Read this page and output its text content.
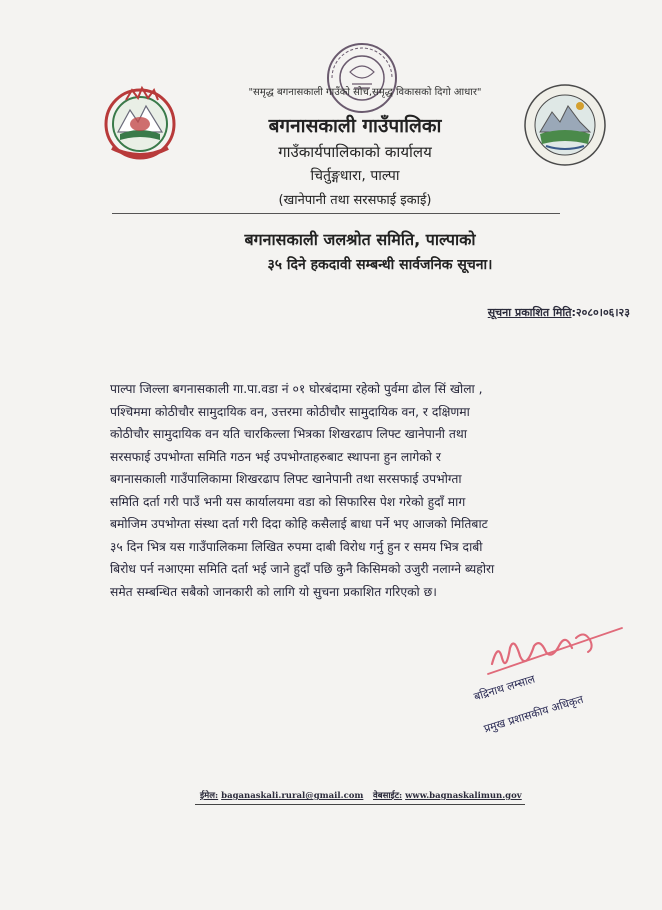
"समृद्ध बगनासकाली गाउँको सोच,समृद्ध विकासको दिगो आधार"
बगनासकाली गाउँपालिका
गाउँकार्यपालिकाको कार्यालय
चिर्तुङ्गधारा, पाल्पा
(खानेपानी तथा सरसफाई इकाई)
बगनासकाली जलश्रोत समिति, पाल्पाको
३५ दिने हकदावी सम्बन्धी सार्वजनिक सूचना।
सूचना प्रकाशित मिति:२०८०।०६।२३
पाल्पा जिल्ला बगनासकाली गा.पा.वडा नं ०१ घोरबंदामा रहेको पुर्वमा ढोल सिं खोला ,
पश्चिममा कोठीचौर सामुदायिक वन, उत्तरमा कोठीचौर सामुदायिक वन, र दक्षिणमा
कोठीचौर सामुदायिक वन यति चारकिल्ला भित्रका शिखरढाप लिफ्ट खानेपानी तथा
सरसफाई उपभोग्ता समिति गठन भई उपभोग्ताहरुबाट स्थापना हुन लागेको र
बगनासकाली गाउँपालिकामा शिखरढाप लिफ्ट खानेपानी तथा सरसफाई उपभोग्ता
समिति दर्ता गरी पाउँ भनी यस कार्यालयमा वडा को सिफारिस पेश गरेको हुदाँ माग
बमोजिम उपभोग्ता संस्था दर्ता गरी दिदा कोहि कसैलाई बाधा पर्ने भए आजको मितिबाट
३५ दिन भित्र यस गाउँपालिकमा लिखित रुपमा दाबी विरोध गर्नु हुन र समय भित्र दाबी
बिरोध पर्न नआएमा समिति दर्ता भई जाने हुदाँ पछि कुनै किसिमको उजुरी नलाग्ने ब्यहोरा
समेत सम्बन्धित सबैको जानकारी को लागि यो सुचना प्रकाशित गरिएको छ।
बद्रिनाथ लम्साल
प्रमुख प्रशासकीय अधिकृत
ईमेल: baganaskali.rural@gmail.com वेबसाईट: www.bagnaskalimun.gov
